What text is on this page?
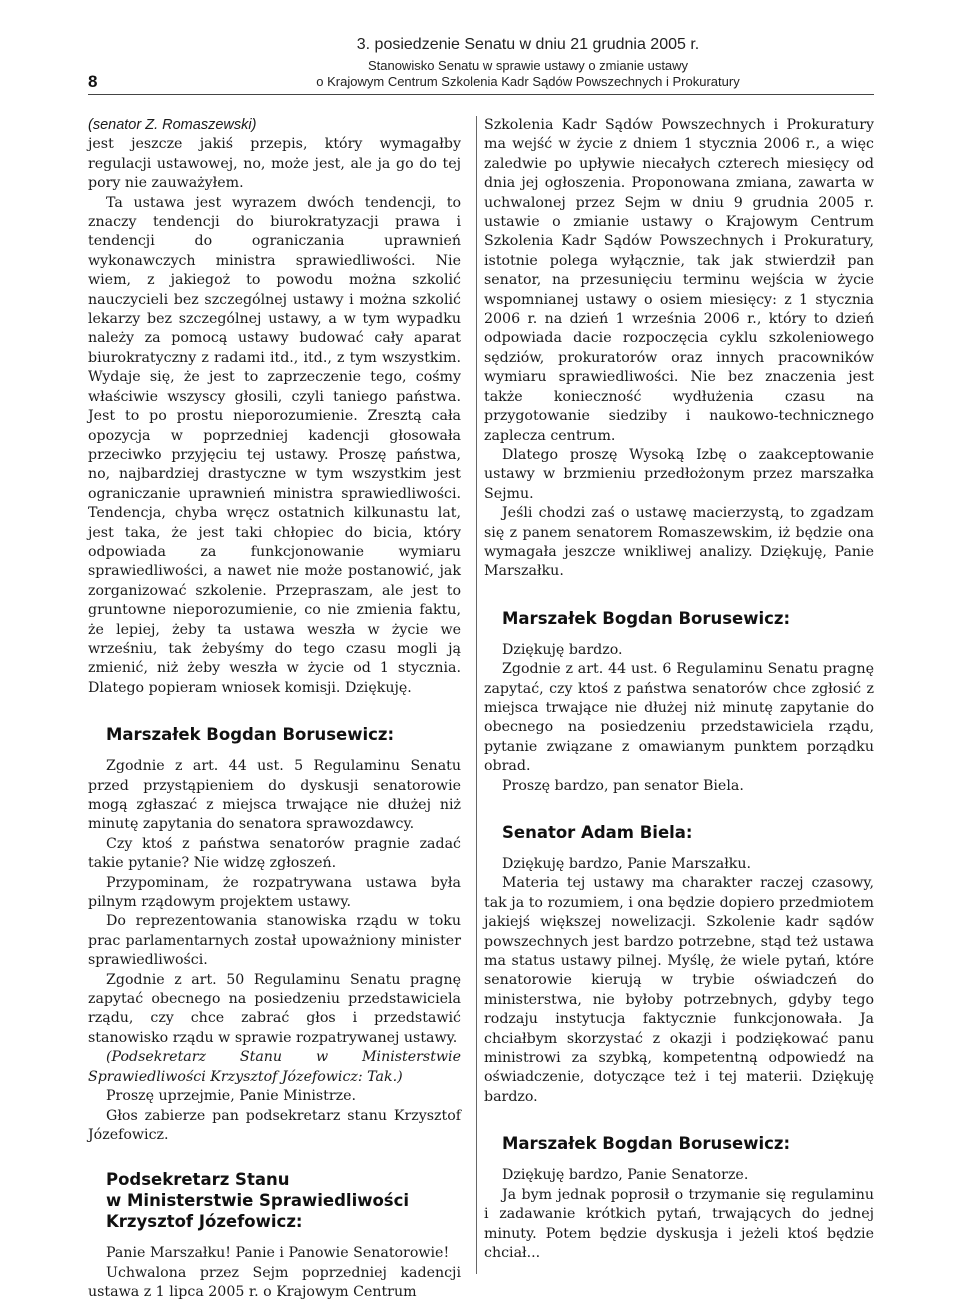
8
3. posiedzenie Senatu w dniu 21 grudnia 2005 r.
Stanowisko Senatu w sprawie ustawy o zmianie ustawy
o Krajowym Centrum Szkolenia Kadr Sądów Powszechnych i Prokuratury

(senator Z. Romaszewski)

jest jeszcze jakiś przepis, który wymagałby regulacji ustawowej, no, może jest, ale ja go do tej pory nie zauważyłem.

Ta ustawa jest wyrazem dwóch tendencji, to znaczy tendencji do biurokratyzacji prawa i tendencji do ograniczania uprawnień wykonawczych ministra sprawiedliwości. Nie wiem, z jakiegoż to powodu można szkolić nauczycieli bez szczególnej ustawy i można szkolić lekarzy bez szczególnej ustawy, a w tym wypadku należy za pomocą ustawy budować cały aparat biurokratyczny z radami itd., itd., z tym wszystkim. Wydaje się, że jest to zaprzeczenie tego, cośmy właściwie wszyscy głosili, czyli taniego państwa. Jest to po prostu nieporozumienie. Zresztą cała opozycja w poprzedniej kadencji głosowała przeciwko przyjęciu tej ustawy. Proszę państwa, no, najbardziej drastyczne w tym wszystkim jest ograniczanie uprawnień ministra sprawiedliwości. Tendencja, chyba wręcz ostatnich kilkunastu lat, jest taka, że jest taki chłopiec do bicia, który odpowiada za funkcjonowanie wymiaru sprawiedliwości, a nawet nie może postanowić, jak zorganizować szkolenie. Przepraszam, ale jest to gruntowne nieporozumienie, co nie zmienia faktu, że lepiej, żeby ta ustawa weszła w życie we wrześniu, tak żebyśmy do tego czasu mogli ją zmienić, niż żeby weszła w życie od 1 stycznia. Dlatego popieram wniosek komisji. Dziękuję.

Marszałek Bogdan Borusewicz:

Zgodnie z art. 44 ust. 5 Regulaminu Senatu przed przystąpieniem do dyskusji senatorowie mogą zgłaszać z miejsca trwające nie dłużej niż minutę zapytania do senatora sprawozdawcy.

Czy ktoś z państwa senatorów pragnie zadać takie pytanie? Nie widzę zgłoszeń.

Przypominam, że rozpatrywana ustawa była pilnym rządowym projektem ustawy.

Do reprezentowania stanowiska rządu w toku prac parlamentarnych został upoważniony minister sprawiedliwości.

Zgodnie z art. 50 Regulaminu Senatu pragnę zapytać obecnego na posiedzeniu przedstawiciela rządu, czy chce zabrać głos i przedstawić stanowisko rządu w sprawie rozpatrywanej ustawy.

(Podsekretarz Stanu w Ministerstwie Sprawiedliwości Krzysztof Józefowicz: Tak.)

Proszę uprzejmie, Panie Ministrze.

Głos zabierze pan podsekretarz stanu Krzysztof Józefowicz.

Podsekretarz Stanu
w Ministerstwie Sprawiedliwości
Krzysztof Józefowicz:

Panie Marszałku! Panie i Panowie Senatorowie!

Uchwalona przez Sejm poprzedniej kadencji ustawa z 1 lipca 2005 r. o Krajowym Centrum

Szkolenia Kadr Sądów Powszechnych i Prokuratury ma wejść w życie z dniem 1 stycznia 2006 r., a więc zaledwie po upływie niecałych czterech miesięcy od dnia jej ogłoszenia. Proponowana zmiana, zawarta w uchwalonej przez Sejm w dniu 9 grudnia 2005 r. ustawie o zmianie ustawy o Krajowym Centrum Szkolenia Kadr Sądów Powszechnych i Prokuratury, istotnie polega wyłącznie, tak jak stwierdził pan senator, na przesunięciu terminu wejścia w życie wspomnianej ustawy o osiem miesięcy: z 1 stycznia 2006 r. na dzień 1 września 2006 r., który to dzień odpowiada dacie rozpoczęcia cyklu szkoleniowego sędziów, prokuratorów oraz innych pracowników wymiaru sprawiedliwości. Nie bez znaczenia jest także konieczność wydłużenia czasu na przygotowanie siedziby i naukowo-technicznego zaplecza centrum.

Dlatego proszę Wysoką Izbę o zaakceptowanie ustawy w brzmieniu przedłożonym przez marszałka Sejmu.

Jeśli chodzi zaś o ustawę macierzystą, to zgadzam się z panem senatorem Romaszewskim, iż będzie ona wymagała jeszcze wnikliwej analizy. Dziękuję, Panie Marszałku.

Marszałek Bogdan Borusewicz:

Dziękuję bardzo.

Zgodnie z art. 44 ust. 6 Regulaminu Senatu pragnę zapytać, czy ktoś z państwa senatorów chce zgłosić z miejsca trwające nie dłużej niż minutę zapytanie do obecnego na posiedzeniu przedstawiciela rządu, pytanie związane z omawianym punktem porządku obrad.

Proszę bardzo, pan senator Biela.

Senator Adam Biela:

Dziękuję bardzo, Panie Marszałku.

Materia tej ustawy ma charakter raczej czasowy, tak ja to rozumiem, i ona będzie dopiero przedmiotem jakiejś większej nowelizacji. Szkolenie kadr sądów powszechnych jest bardzo potrzebne, stąd też ustawa ma status ustawy pilnej. Myślę, że wiele pytań, które senatorowie kierują w trybie oświadczeń do ministerstwa, nie byłoby potrzebnych, gdyby tego rodzaju instytucja faktycznie funkcjonowała. Ja chciałbym skorzystać z okazji i podziękować panu ministrowi za szybką, kompetentną odpowiedź na oświadczenie, dotyczące też i tej materii. Dziękuję bardzo.

Marszałek Bogdan Borusewicz:

Dziękuję bardzo, Panie Senatorze.

Ja bym jednak poprosił o trzymanie się regulaminu i zadawanie krótkich pytań, trwających do jednej minuty. Potem będzie dyskusja i jeżeli ktoś będzie chciał...
